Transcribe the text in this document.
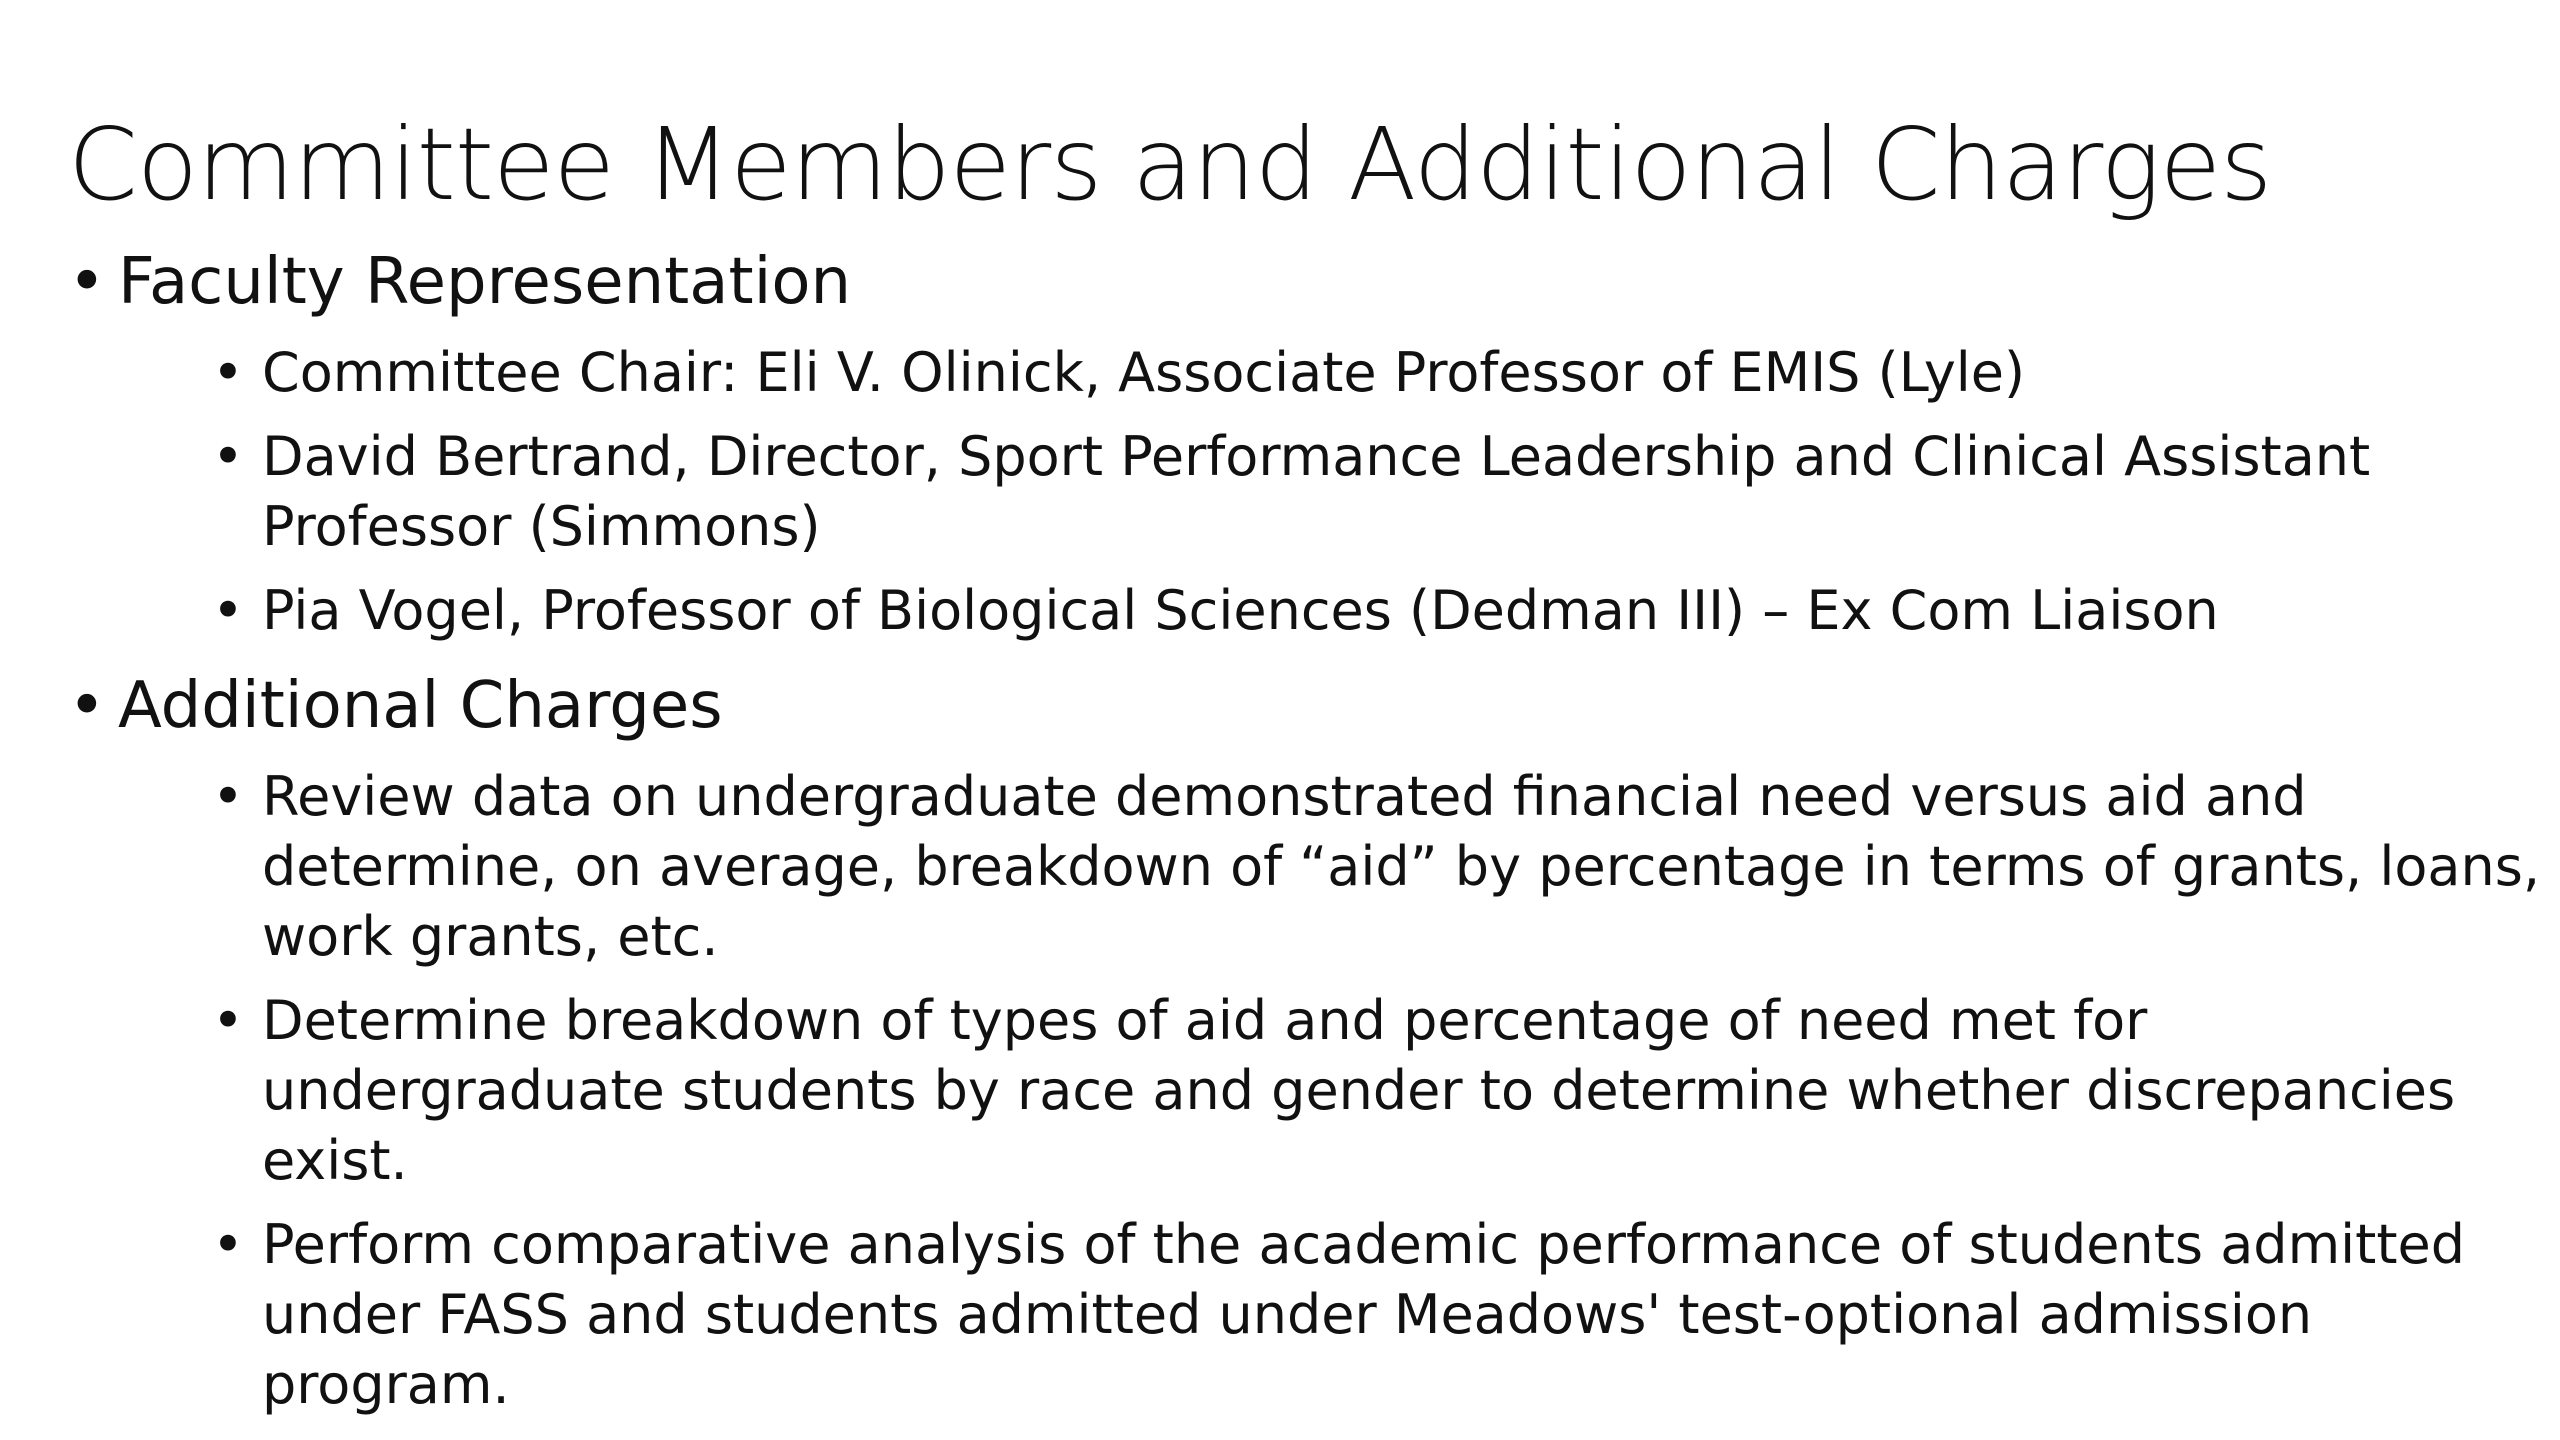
Committee Members and Additional Charges
• Faculty Representation
• Committee Chair: Eli V. Olinick, Associate Professor of EMIS (Lyle)
• David Bertrand, Director, Sport Performance Leadership and Clinical Assistant Professor (Simmons)
• Pia Vogel, Professor of Biological Sciences (Dedman III) – Ex Com Liaison
• Additional Charges
• Review data on undergraduate demonstrated financial need versus aid and determine, on average, breakdown of “aid” by percentage in terms of grants, loans, work grants, etc.
• Determine breakdown of types of aid and percentage of need met for undergraduate students by race and gender to determine whether discrepancies exist.
• Perform comparative analysis of the academic performance of students admitted under FASS and students admitted under Meadows' test-optional admission program.
